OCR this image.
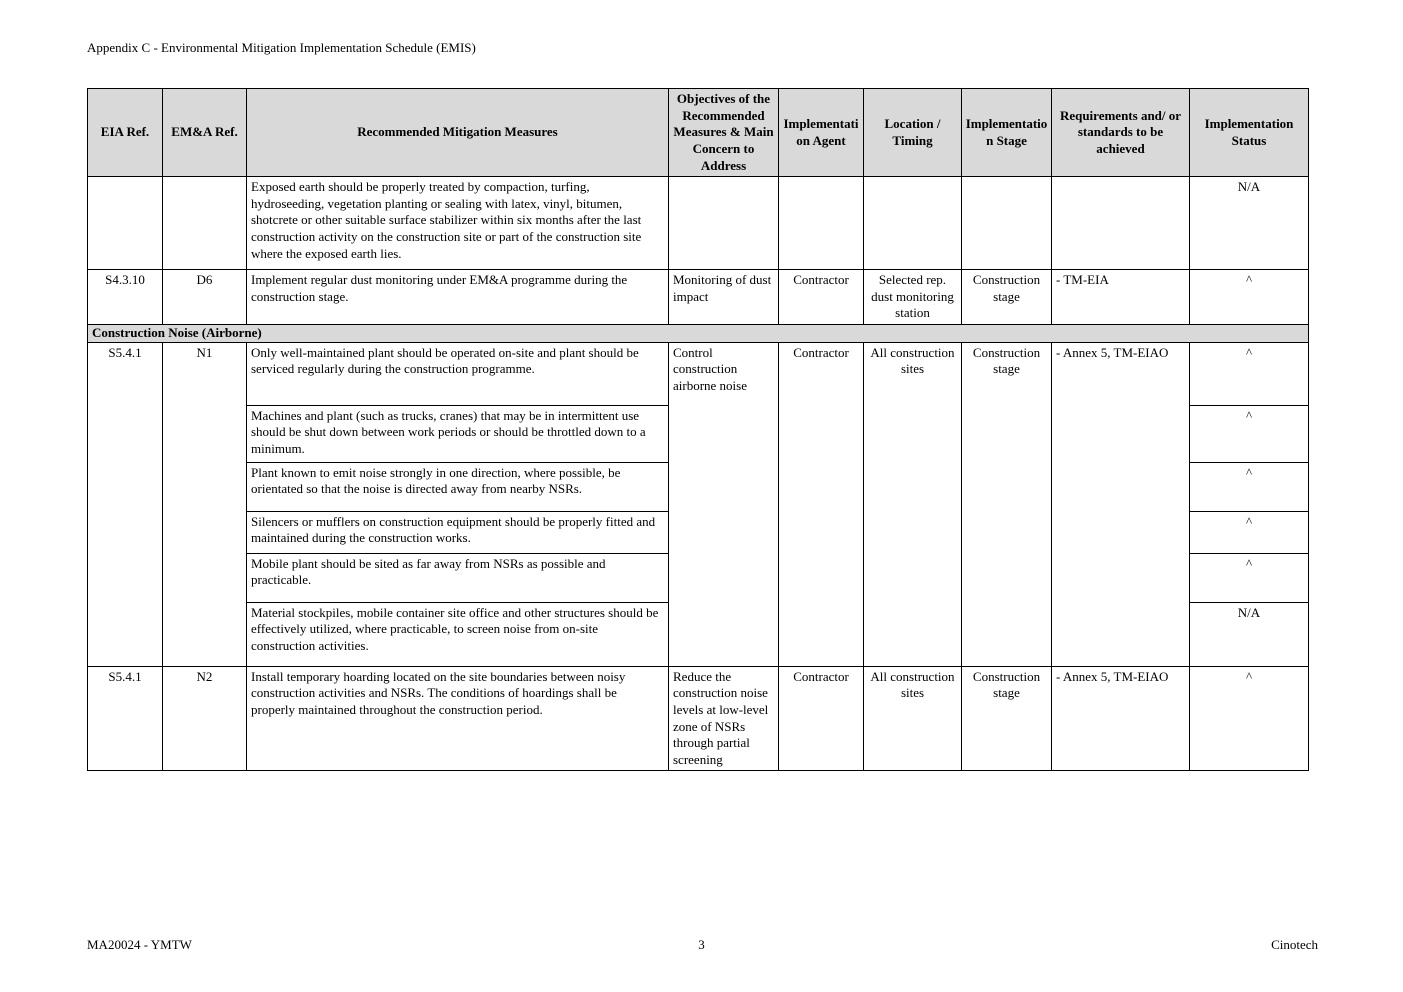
Appendix C - Environmental Mitigation Implementation Schedule (EMIS)
EIA Ref.	EM&A Ref.	Recommended Mitigation Measures	Objectives of the Recommended Measures & Main Concern to Address	Implementation Agent	Location / Timing	Implementation Stage	Requirements and/ or standards to be achieved	Implementation Status
		Exposed earth should be properly treated by compaction, turfing, hydroseeding, vegetation planting or sealing with latex, vinyl, bitumen, shotcrete or other suitable surface stabilizer within six months after the last construction activity on the construction site or part of the construction site where the exposed earth lies.						N/A
S4.3.10	D6	Implement regular dust monitoring under EM&A programme during the construction stage.	Monitoring of dust impact	Contractor	Selected rep. dust monitoring station	Construction stage	- TM-EIA	^
Construction Noise (Airborne)								
S5.4.1	N1	Only well-maintained plant should be operated on-site and plant should be serviced regularly during the construction programme.	Control construction airborne noise	Contractor	All construction sites	Construction stage	- Annex 5, TM-EIAO	^
		Machines and plant (such as trucks, cranes) that may be in intermittent use should be shut down between work periods or should be throttled down to a minimum.						^
		Plant known to emit noise strongly in one direction, where possible, be orientated so that the noise is directed away from nearby NSRs.						^
		Silencers or mufflers on construction equipment should be properly fitted and maintained during the construction works.						^
		Mobile plant should be sited as far away from NSRs as possible and practicable.						^
		Material stockpiles, mobile container site office and other structures should be effectively utilized, where practicable, to screen noise from on-site construction activities.						N/A
S5.4.1	N2	Install temporary hoarding located on the site boundaries between noisy construction activities and NSRs. The conditions of hoardings shall be properly maintained throughout the construction period.	Reduce the construction noise levels at low-level zone of NSRs through partial screening	Contractor	All construction sites	Construction stage	- Annex 5, TM-EIAO	^
MA20024 - YMTW	3	Cinotech
